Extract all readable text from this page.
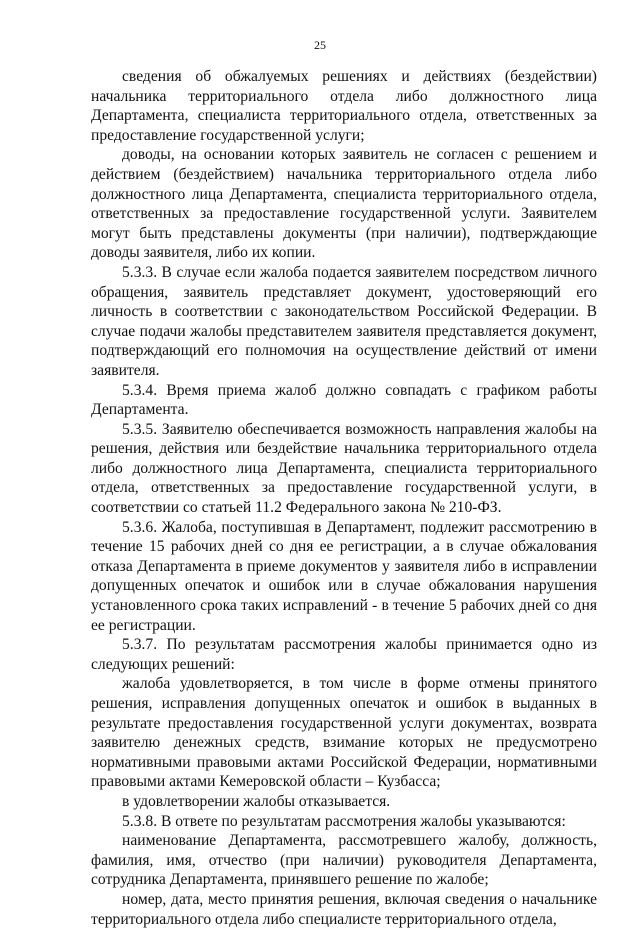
25

сведения об обжалуемых решениях и действиях (бездействии) начальника территориального отдела либо должностного лица Департамента, специалиста территориального отдела, ответственных за предоставление государственной услуги;

доводы, на основании которых заявитель не согласен с решением и действием (бездействием) начальника территориального отдела либо должностного лица Департамента, специалиста территориального отдела, ответственных за предоставление государственной услуги. Заявителем могут быть представлены документы (при наличии), подтверждающие доводы заявителя, либо их копии.

5.3.3. В случае если жалоба подается заявителем посредством личного обращения, заявитель представляет документ, удостоверяющий его личность в соответствии с законодательством Российской Федерации. В случае подачи жалобы представителем заявителя представляется документ, подтверждающий его полномочия на осуществление действий от имени заявителя.

5.3.4. Время приема жалоб должно совпадать с графиком работы Департамента.

5.3.5. Заявителю обеспечивается возможность направления жалобы на решения, действия или бездействие начальника территориального отдела либо должностного лица Департамента, специалиста территориального отдела, ответственных за предоставление государственной услуги, в соответствии со статьей 11.2 Федерального закона № 210-ФЗ.

5.3.6. Жалоба, поступившая в Департамент, подлежит рассмотрению в течение 15 рабочих дней со дня ее регистрации, а в случае обжалования отказа Департамента в приеме документов у заявителя либо в исправлении допущенных опечаток и ошибок или в случае обжалования нарушения установленного срока таких исправлений - в течение 5 рабочих дней со дня ее регистрации.

5.3.7. По результатам рассмотрения жалобы принимается одно из следующих решений:

жалоба удовлетворяется, в том числе в форме отмены принятого решения, исправления допущенных опечаток и ошибок в выданных в результате предоставления государственной услуги документах, возврата заявителю денежных средств, взимание которых не предусмотрено нормативными правовыми актами Российской Федерации, нормативными правовыми актами Кемеровской области – Кузбасса;

в удовлетворении жалобы отказывается.

5.3.8. В ответе по результатам рассмотрения жалобы указываются:

наименование Департамента, рассмотревшего жалобу, должность, фамилия, имя, отчество (при наличии) руководителя Департамента, сотрудника Департамента, принявшего решение по жалобе;

номер, дата, место принятия решения, включая сведения о начальнике территориального отдела либо специалисте территориального отдела,
